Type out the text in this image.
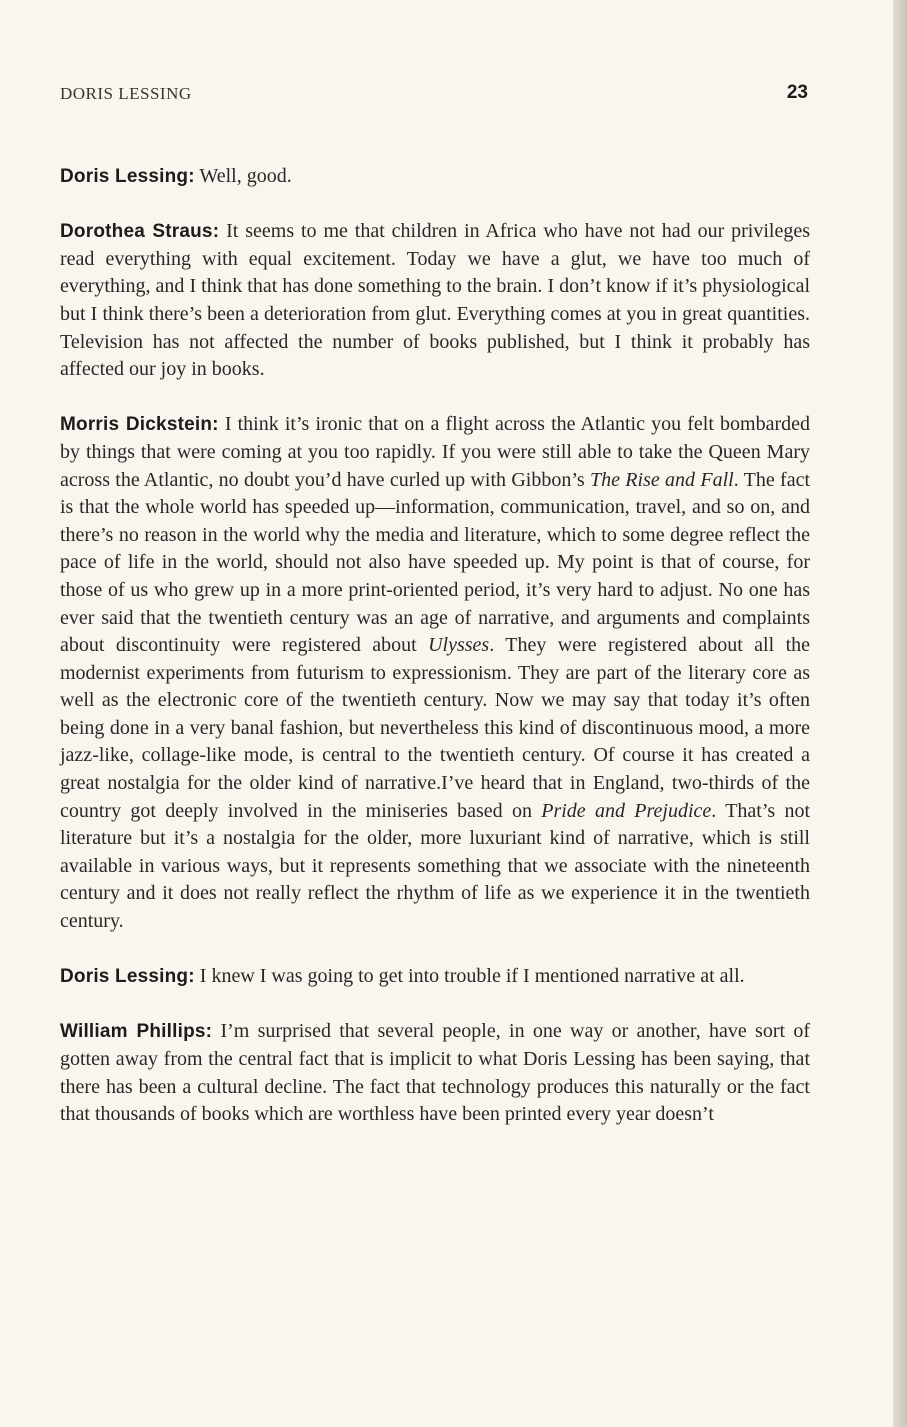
DORIS LESSING	23

Doris Lessing: Well, good.

Dorothea Straus: It seems to me that children in Africa who have not had our privileges read everything with equal excitement. Today we have a glut, we have too much of everything, and I think that has done something to the brain. I don’t know if it’s physiological but I think there’s been a deterioration from glut. Everything comes at you in great quantities. Television has not affected the number of books published, but I think it probably has affected our joy in books.

Morris Dickstein: I think it’s ironic that on a flight across the Atlantic you felt bombarded by things that were coming at you too rapidly. If you were still able to take the Queen Mary across the Atlantic, no doubt you’d have curled up with Gibbon’s The Rise and Fall. The fact is that the whole world has speeded up—information, communication, travel, and so on, and there’s no reason in the world why the media and literature, which to some degree reflect the pace of life in the world, should not also have speeded up. My point is that of course, for those of us who grew up in a more print-oriented period, it’s very hard to adjust. No one has ever said that the twentieth century was an age of narrative, and arguments and complaints about discontinuity were registered about Ulysses. They were registered about all the modernist experiments from futurism to expressionism. They are part of the literary core as well as the electronic core of the twentieth century. Now we may say that today it’s often being done in a very banal fashion, but nevertheless this kind of discontinuous mood, a more jazz-like, collage-like mode, is central to the twentieth century. Of course it has created a great nostalgia for the older kind of narrative.I’ve heard that in England, two-thirds of the country got deeply involved in the miniseries based on Pride and Prejudice. That’s not literature but it’s a nostalgia for the older, more luxuriant kind of narrative, which is still available in various ways, but it represents something that we associate with the nineteenth century and it does not really reflect the rhythm of life as we experience it in the twentieth century.

Doris Lessing: I knew I was going to get into trouble if I mentioned narrative at all.

William Phillips: I’m surprised that several people, in one way or another, have sort of gotten away from the central fact that is implicit to what Doris Lessing has been saying, that there has been a cultural decline. The fact that technology produces this naturally or the fact that thousands of books which are worthless have been printed every year doesn’t
